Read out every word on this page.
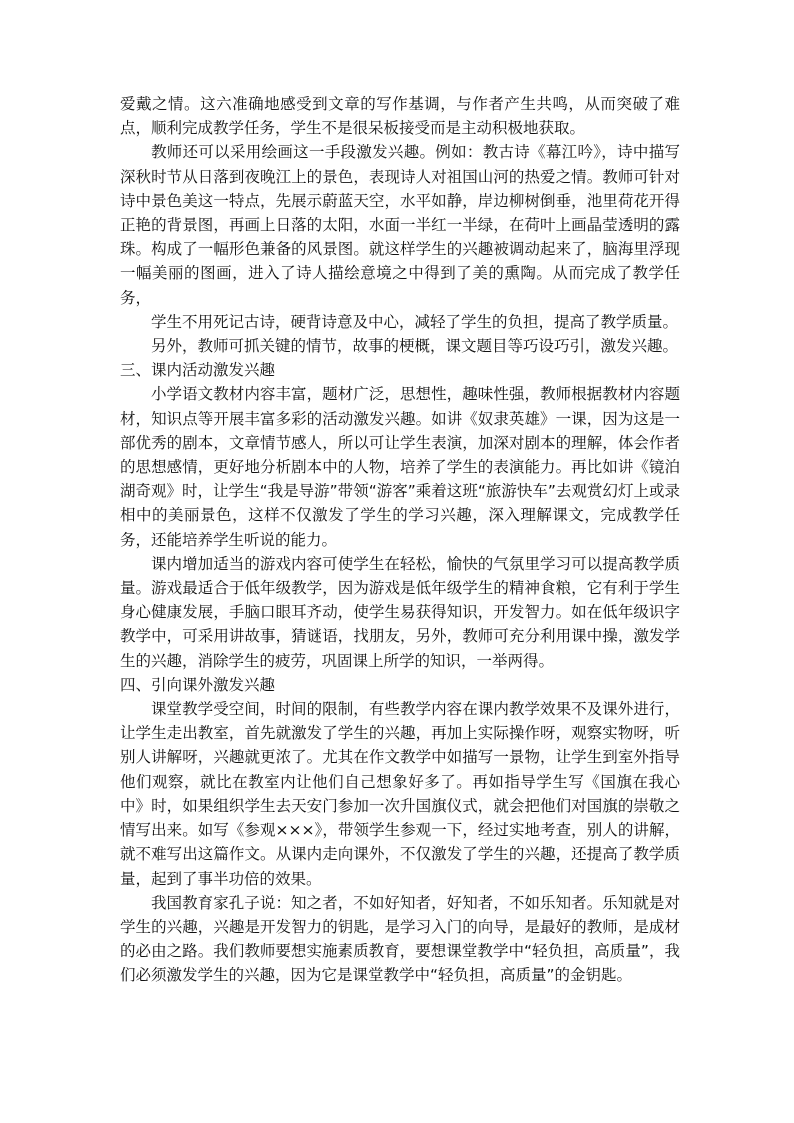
爱戴之情。这六准确地感受到文章的写作基调，与作者产生共鸣，从而突破了难点，顺利完成教学任务，学生不是很呆板接受而是主动积极地获取。

教师还可以采用绘画这一手段激发兴趣。例如：教古诗《幕江吟》，诗中描写深秋时节从日落到夜晚江上的景色，表现诗人对祖国山河的热爱之情。教师可针对诗中景色美这一特点，先展示蔚蓝天空，水平如静，岸边柳树倒垂，池里荷花开得正艳的背景图，再画上日落的太阳，水面一半红一半绿，在荷叶上画晶莹透明的露珠。构成了一幅形色兼备的风景图。就这样学生的兴趣被调动起来了，脑海里浮现一幅美丽的图画，进入了诗人描绘意境之中得到了美的熏陶。从而完成了教学任务，

学生不用死记古诗，硬背诗意及中心，减轻了学生的负担，提高了教学质量。

另外，教师可抓关键的情节，故事的梗概，课文题目等巧设巧引，激发兴趣。

三、课内活动激发兴趣

小学语文教材内容丰富，题材广泛，思想性，趣味性强，教师根据教材内容题材，知识点等开展丰富多彩的活动激发兴趣。如讲《奴隶英雄》一课，因为这是一部优秀的剧本，文章情节感人，所以可让学生表演，加深对剧本的理解，体会作者的思想感情，更好地分析剧本中的人物，培养了学生的表演能力。再比如讲《镜泊湖奇观》时，让学生“我是导游”带领“游客”乘着这班“旅游快车”去观赏幻灯上或录相中的美丽景色，这样不仅激发了学生的学习兴趣，深入理解课文，完成教学任务，还能培养学生听说的能力。

课内增加适当的游戏内容可使学生在轻松，愉快的气氛里学习可以提高教学质量。游戏最适合于低年级教学，因为游戏是低年级学生的精神食粮，它有利于学生身心健康发展，手脑口眼耳齐动，使学生易获得知识，开发智力。如在低年级识字教学中，可采用讲故事，猜谜语，找朋友，另外，教师可充分利用课中操，激发学生的兴趣，消除学生的疲劳，巩固课上所学的知识，一举两得。

四、引向课外激发兴趣

课堂教学受空间，时间的限制，有些教学内容在课内教学效果不及课外进行，让学生走出教室，首先就激发了学生的兴趣，再加上实际操作呀，观察实物呀，听别人讲解呀，兴趣就更浓了。尤其在作文教学中如描写一景物，让学生到室外指导他们观察，就比在教室内让他们自己想象好多了。再如指导学生写《国旗在我心中》时，如果组织学生去天安门参加一次升国旗仪式，就会把他们对国旗的崇敬之情写出来。如写《参观×××》，带领学生参观一下，经过实地考查，别人的讲解，就不难写出这篇作文。从课内走向课外，不仅激发了学生的兴趣，还提高了教学质量，起到了事半功倍的效果。

我国教育家孔子说：知之者，不如好知者，好知者，不如乐知者。乐知就是对学生的兴趣，兴趣是开发智力的钥匙，是学习入门的向导，是最好的教师，是成材的必由之路。我们教师要想实施素质教育，要想课堂教学中“轻负担，高质量”，我们必须激发学生的兴趣，因为它是课堂教学中“轻负担，高质量”的金钥匙。
